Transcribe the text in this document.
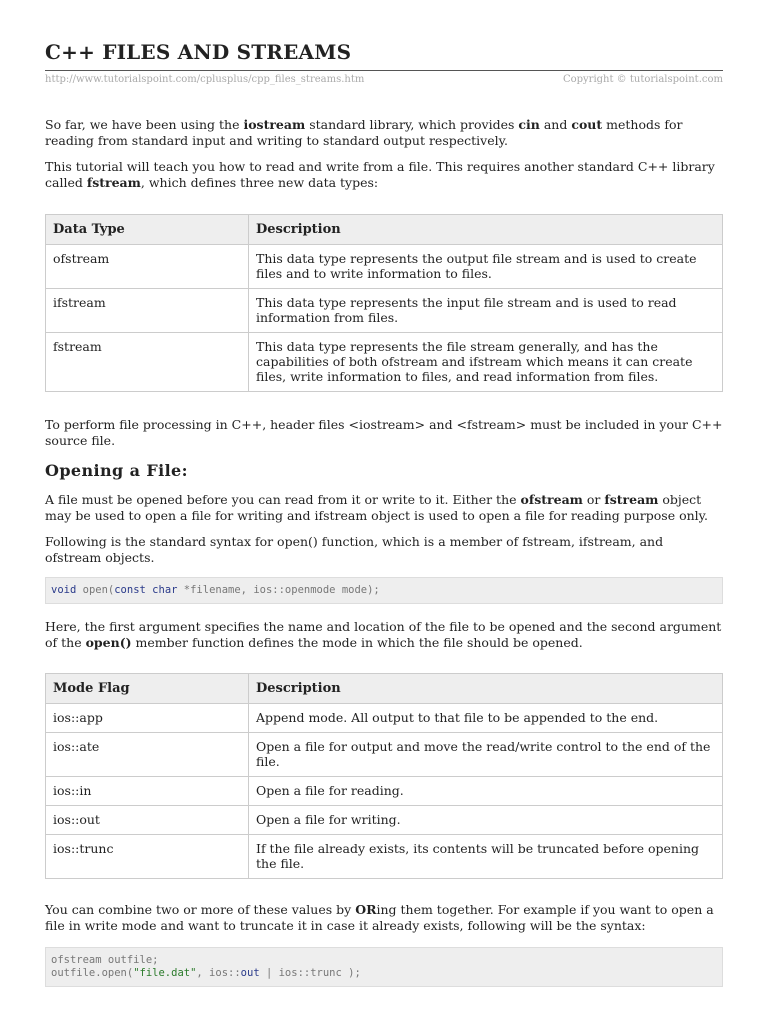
C++ FILES AND STREAMS
http://www.tutorialspoint.com/cplusplus/cpp_files_streams.htm	Copyright © tutorialspoint.com

So far, we have been using the iostream standard library, which provides cin and cout methods for reading from standard input and writing to standard output respectively.

This tutorial will teach you how to read and write from a file. This requires another standard C++ library called fstream, which defines three new data types:

Data Type	Description
ofstream	This data type represents the output file stream and is used to create files and to write information to files.
ifstream	This data type represents the input file stream and is used to read information from files.
fstream	This data type represents the file stream generally, and has the capabilities of both ofstream and ifstream which means it can create files, write information to files, and read information from files.

To perform file processing in C++, header files <iostream> and <fstream> must be included in your C++ source file.

Opening a File:

A file must be opened before you can read from it or write to it. Either the ofstream or fstream object may be used to open a file for writing and ifstream object is used to open a file for reading purpose only.

Following is the standard syntax for open() function, which is a member of fstream, ifstream, and ofstream objects.

void open(const char *filename, ios::openmode mode);

Here, the first argument specifies the name and location of the file to be opened and the second argument of the open() member function defines the mode in which the file should be opened.

Mode Flag	Description
ios::app	Append mode. All output to that file to be appended to the end.
ios::ate	Open a file for output and move the read/write control to the end of the file.
ios::in	Open a file for reading.
ios::out	Open a file for writing.
ios::trunc	If the file already exists, its contents will be truncated before opening the file.

You can combine two or more of these values by ORing them together. For example if you want to open a file in write mode and want to truncate it in case it already exists, following will be the syntax:

ofstream outfile;
outfile.open("file.dat", ios::out | ios::trunc );
